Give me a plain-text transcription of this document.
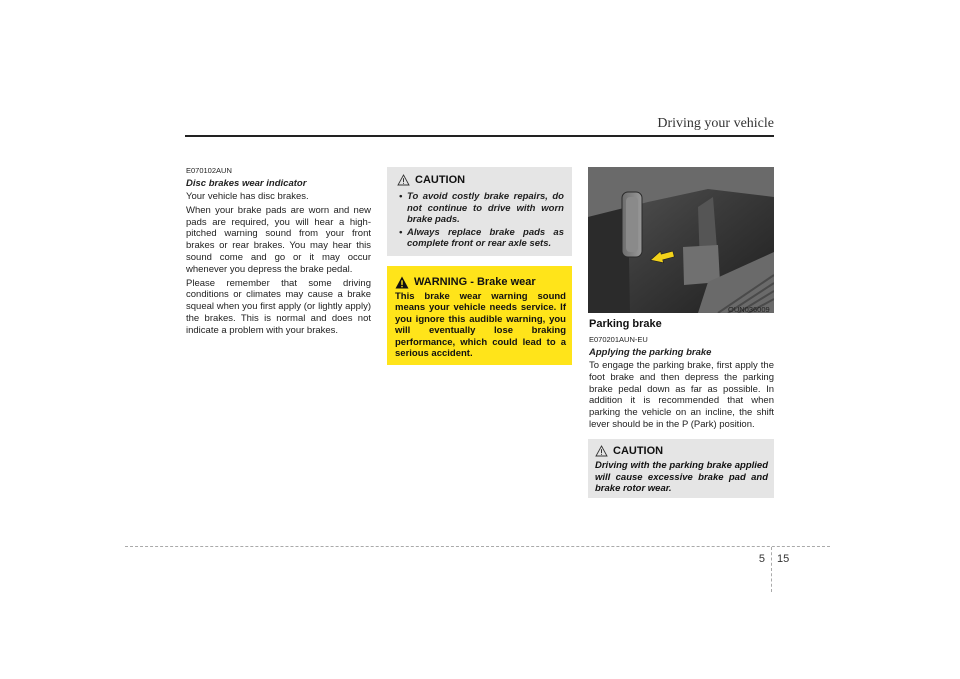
Driving your vehicle
E070102AUN
Disc brakes wear indicator

Your vehicle has disc brakes.

When your brake pads are worn and new pads are required, you will hear a high-pitched warning sound from your front brakes or rear brakes. You may hear this sound come and go or it may occur whenever you depress the brake pedal.

Please remember that some driving conditions or climates may cause a brake squeal when you first apply (or lightly apply) the brakes. This is normal and does not indicate a problem with your brakes.

CAUTION
• To avoid costly brake repairs, do not continue to drive with worn brake pads.
• Always replace brake pads as complete front or rear axle sets.
WARNING - Brake wear
This brake wear warning sound means your vehicle needs service. If you ignore this audible warning, you will eventually lose braking performance, which could lead to a serious accident.
OUN036009
Parking brake
E070201AUN-EU
Applying the parking brake

To engage the parking brake, first apply the foot brake and then depress the parking brake pedal down as far as possible. In addition it is recommended that when parking the vehicle on an incline, the shift lever should be in the P (Park) position.

CAUTION
Driving with the parking brake applied will cause excessive brake pad and brake rotor wear.
5 15
